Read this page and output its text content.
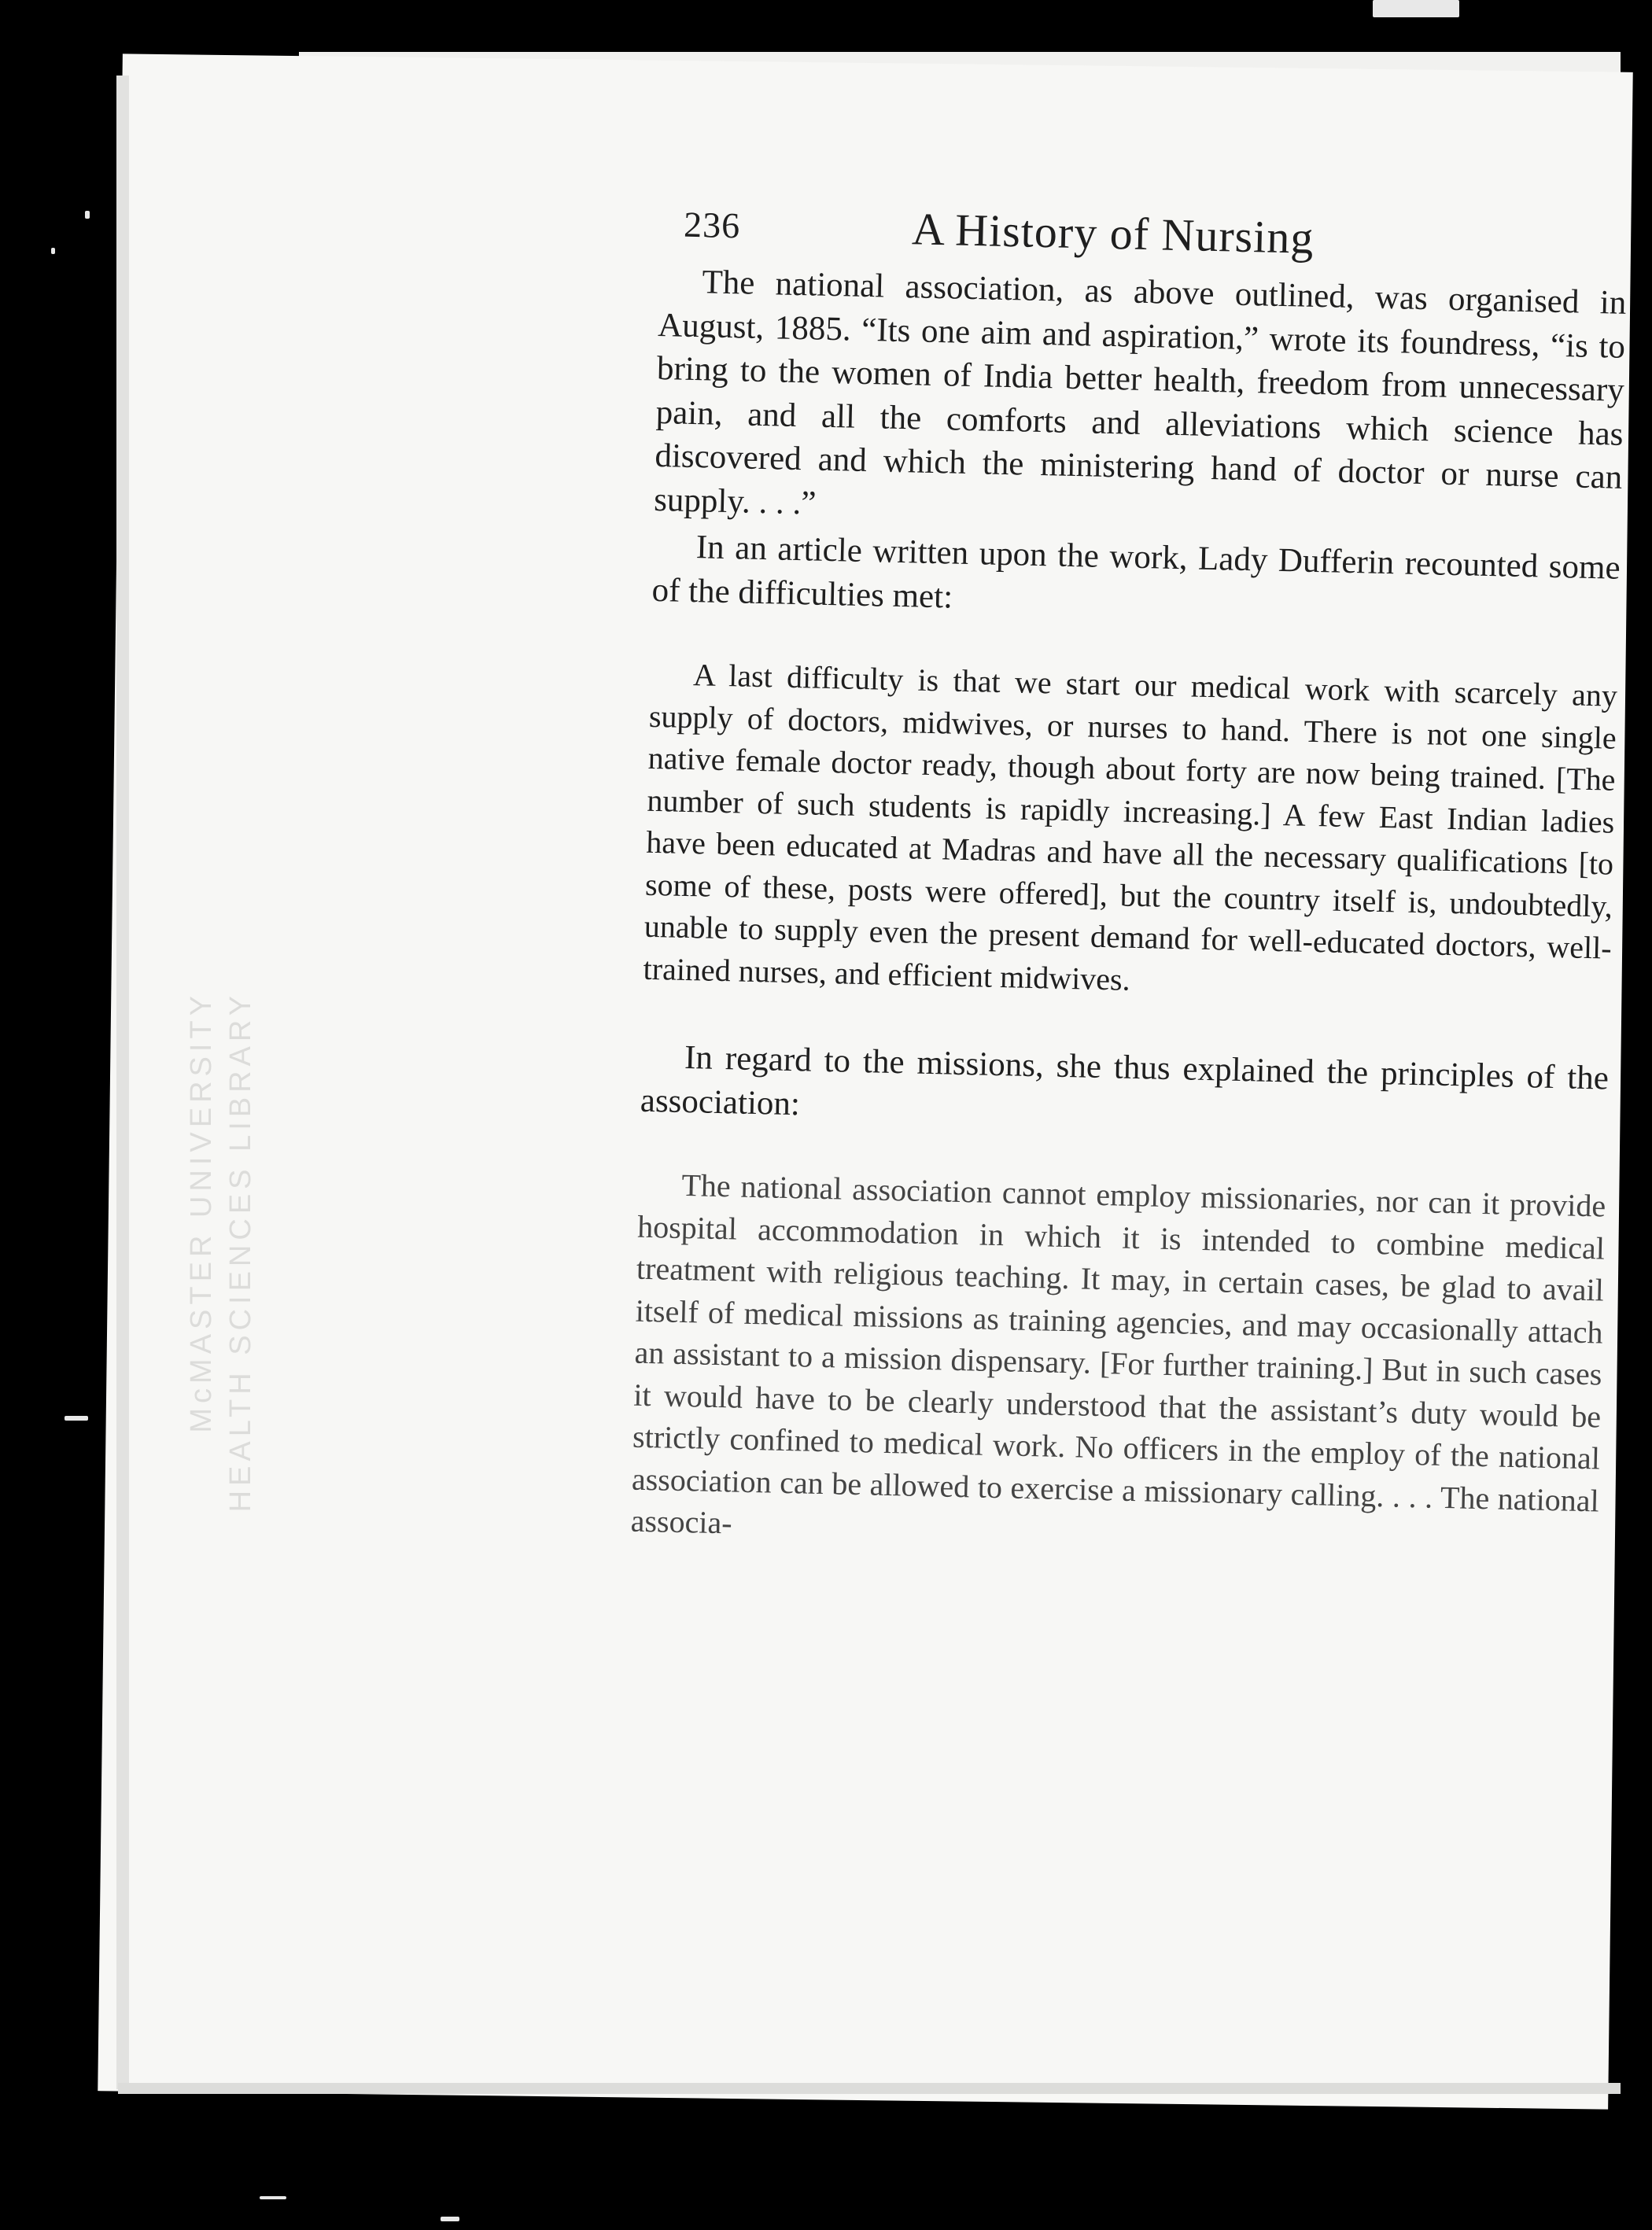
HEALTH SCIENCES LIBRARY
McMASTER UNIVERSITY
236	A History of Nursing

The national association, as above outlined, was organised in August, 1885. “Its one aim and aspiration,” wrote its foundress, “is to bring to the women of India better health, freedom from unnecessary pain, and all the comforts and alleviations which science has discovered and which the ministering hand of doctor or nurse can supply. . . .”

In an article written upon the work, Lady Dufferin recounted some of the difficulties met:

A last difficulty is that we start our medical work with scarcely any supply of doctors, midwives, or nurses to hand. There is not one single native female doctor ready, though about forty are now being trained. [The number of such students is rapidly increasing.] A few East Indian ladies have been educated at Madras and have all the necessary qualifications [to some of these, posts were offered], but the country itself is, undoubtedly, unable to supply even the present demand for well-educated doctors, well-trained nurses, and efficient midwives.

In regard to the missions, she thus explained the principles of the association:

The national association cannot employ missionaries, nor can it provide hospital accommodation in which it is intended to combine medical treatment with religious teaching. It may, in certain cases, be glad to avail itself of medical missions as training agencies, and may occasionally attach an assistant to a mission dispensary. [For further training.] But in such cases it would have to be clearly understood that the assistant’s duty would be strictly confined to medical work. No officers in the employ of the national association can be allowed to exercise a missionary calling. . . . The national associa-
